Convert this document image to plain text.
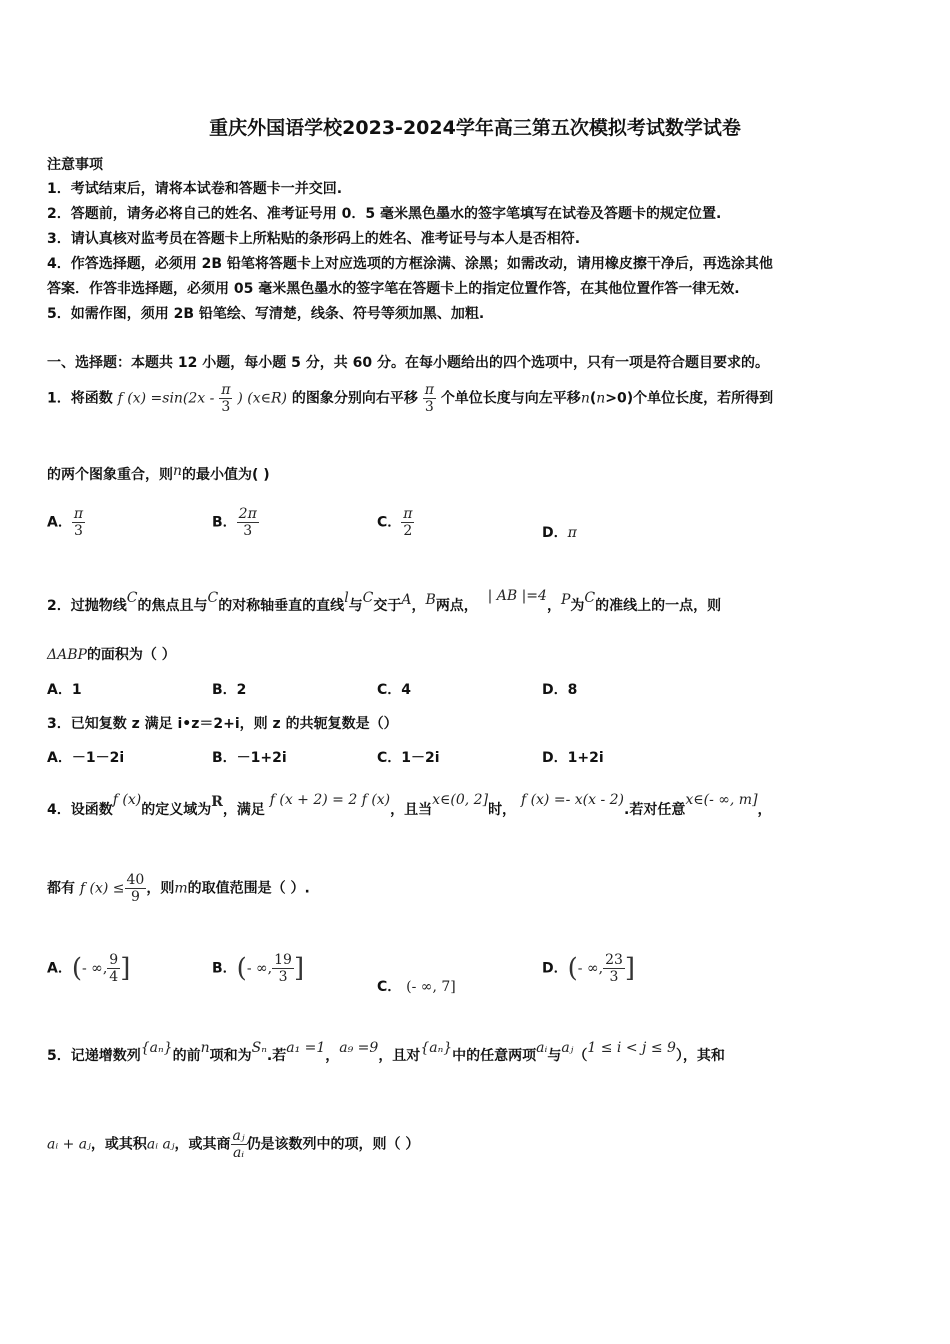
重庆外国语学校2023-2024学年高三第五次模拟考试数学试卷
注意事项
1．考试结束后，请将本试卷和答题卡一并交回.
2．答题前，请务必将自己的姓名、准考证号用 0．5 毫米黑色墨水的签字笔填写在试卷及答题卡的规定位置.
3．请认真核对监考员在答题卡上所粘贴的条形码上的姓名、准考证号与本人是否相符.
4．作答选择题，必须用 2B 铅笔将答题卡上对应选项的方框涂满、涂黑；如需改动，请用橡皮擦干净后，再选涂其他
答案．作答非选择题，必须用 05 毫米黑色墨水的签字笔在答题卡上的指定位置作答，在其他位置作答一律无效.
5．如需作图，须用 2B 铅笔绘、写清楚，线条、符号等须加黑、加粗.
一、选择题：本题共 12 小题，每小题 5 分，共 60 分。在每小题给出的四个选项中，只有一项是符合题目要求的。
1．将函数 f $(x) =\sin(2x - \frac{\pi}{3}$ ) (x∈R) 的图象分别向右平移 $\frac{\pi}{3}$ 个单位长度与向左平移n(n>0)个单位长度，若所得到
的两个图象重合，则n的最小值为( )
A． $\frac{\pi}{3}$	B． $\frac{2\pi}{3}$	C． $\frac{\pi}{2}$	D．π
2．过抛物线C的焦点且与C的对称轴垂直的直线l与C交于A，B两点，  | AB |=4，P为C的准线上的一点，则
ΔABP的面积为（ ）
A．1	B．2	C．4	D．8
3．已知复数 z 满足 i•z＝2+i，则 z 的共轭复数是（）
A．－1－2i	B．－1+2i	C．1－2i	D．1+2i
4．设函数f (x)的定义域为R，满足 f (x + 2) = 2 f (x)，且当x∈(0, 2]时， f (x) =- x(x - 2).若对任意x∈(- ∞, m]，
都有 f $(x) \le \frac{40}{9}$ ，则m的取值范围是（ ）.
A．(- ∞, $\frac{9}{4}$ ]	B．(- ∞, $\frac{19}{3}$ ]
C． (- ∞, 7]
D．(- ∞, $\frac{23}{3}$ ]
5．记递增数列{aₙ}的前n项和为Sₙ.若a₁ =1，a₉ =9，且对{aₙ}中的任意两项aᵢ与aⱼ（1 ≤ i < j ≤ 9），其和
aᵢ + aⱼ，或其积aᵢ aⱼ，或其商 $\frac{\text{aⱼ}}{\text{aᵢ}}$ 仍是该数列中的项，则（ ）
